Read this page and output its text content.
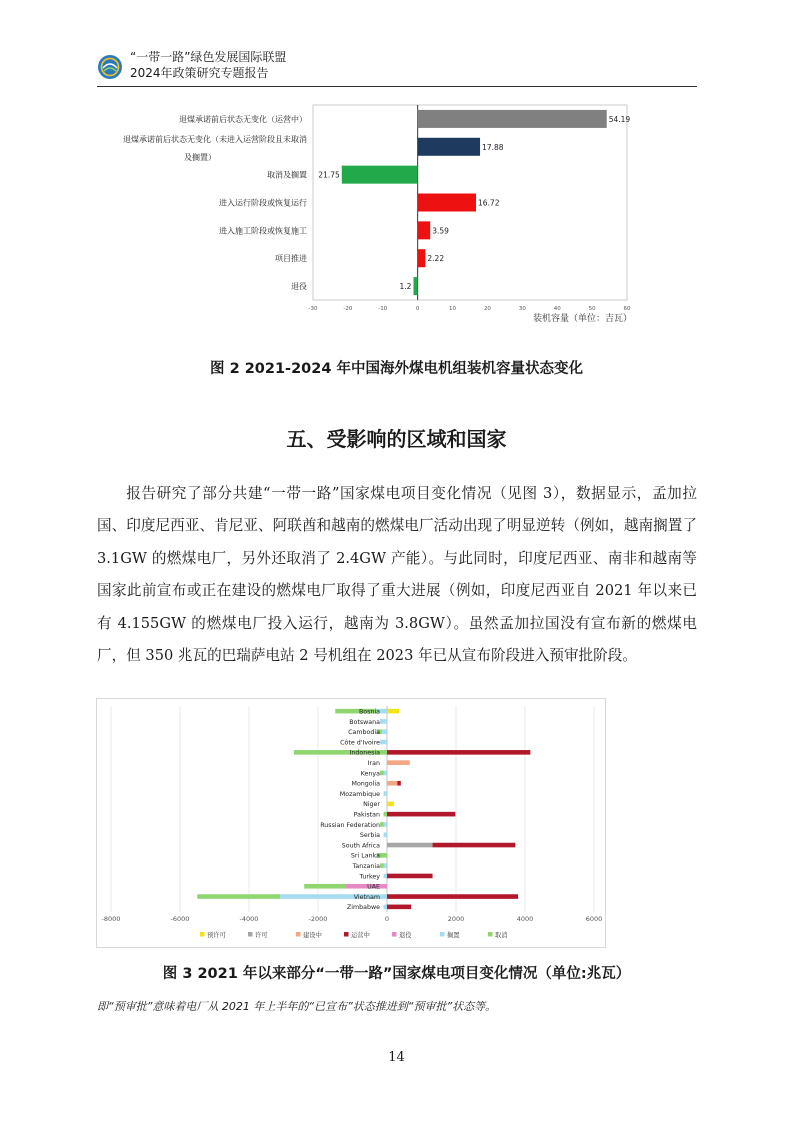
“一带一路”绿色发展国际联盟
2024年政策研究专题报告
退煤承诺前后状态无变化（运营中）
退煤承诺前后状态无变化（未进入运营阶段且未取消
及搁置）
取消及搁置
进入运行阶段或恢复运行
进入施工阶段或恢复施工
项目推进
退役
54.19
17.88
21.75
16.72
3.59
2.22
1.2
-30	-20	-10	0	10	20	30	40	50	60
装机容量（单位：吉瓦）
图 2 2021-2024 年中国海外煤电机组装机容量状态变化
五、受影响的区域和国家

报告研究了部分共建“一带一路”国家煤电项目变化情况（见图 3），数据显示，孟加拉国、印度尼西亚、肯尼亚、阿联酋和越南的燃煤电厂活动出现了明显逆转（例如，越南搁置了 3.1GW 的燃煤电厂，另外还取消了 2.4GW 产能）。与此同时，印度尼西亚、南非和越南等国家此前宣布或正在建设的燃煤电厂取得了重大进展（例如，印度尼西亚自 2021 年以来已有 4.155GW 的燃煤电厂投入运行，越南为 3.8GW）。虽然孟加拉国没有宣布新的燃煤电厂，但 350 兆瓦的巴瑞萨电站 2 号机组在 2023 年已从宣布阶段进入预审批阶段。

Bosnia
Botswana
Cambodia
Côte d'Ivoire
Indonesia
Iran
Kenya
Mongolia
Mozambique
Niger
Pakistan
Russian Federation
Serbia
South Africa
Sri Lanka
Tanzania
Turkey
UAE
Vietnam
Zimbabwe
-8000	-6000	-4000	-2000	0	2000	4000	6000
预许可	许可	建设中	运营中	退役	搁置	取消
图 3 2021 年以来部分“一带一路”国家煤电项目变化情况（单位:兆瓦）
即“预审批”意味着电厂从 2021 年上半年的“已宣布”状态推进到“预审批”状态等。
14
